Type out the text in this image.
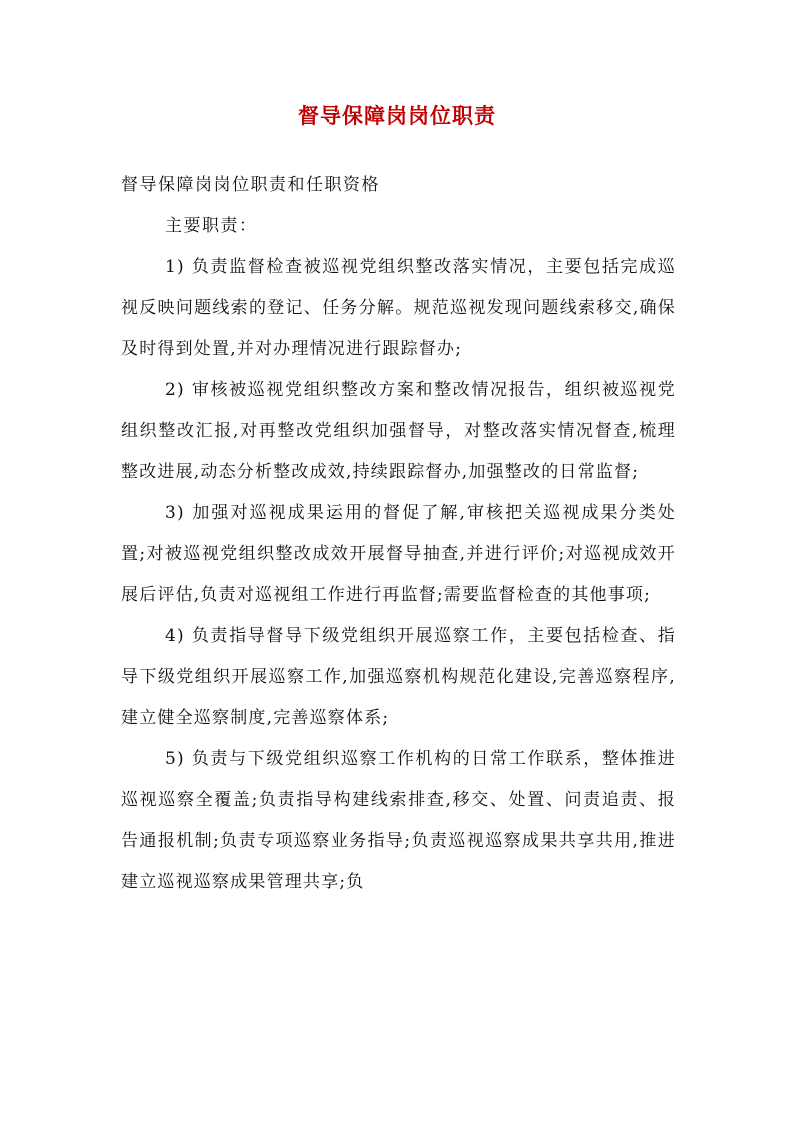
督导保障岗岗位职责
督导保障岗岗位职责和任职资格
主要职责：

1) 负责监督检查被巡视党组织整改落实情况，主要包括完成巡视反映问题线索的登记、任务分解。规范巡视发现问题线索移交,确保及时得到处置,并对办理情况进行跟踪督办;

2) 审核被巡视党组织整改方案和整改情况报告，组织被巡视党组织整改汇报,对再整改党组织加强督导，对整改落实情况督查,梳理整改进展,动态分析整改成效,持续跟踪督办,加强整改的日常监督;

3) 加强对巡视成果运用的督促了解,审核把关巡视成果分类处置;对被巡视党组织整改成效开展督导抽查,并进行评价;对巡视成效开展后评估,负责对巡视组工作进行再监督;需要监督检查的其他事项;

4) 负责指导督导下级党组织开展巡察工作，主要包括检查、指导下级党组织开展巡察工作,加强巡察机构规范化建设,完善巡察程序,建立健全巡察制度,完善巡察体系;

5) 负责与下级党组织巡察工作机构的日常工作联系，整体推进巡视巡察全覆盖;负责指导构建线索排查,移交、处置、问责追责、报告通报机制;负责专项巡察业务指导;负责巡视巡察成果共享共用,推进建立巡视巡察成果管理共享;负
